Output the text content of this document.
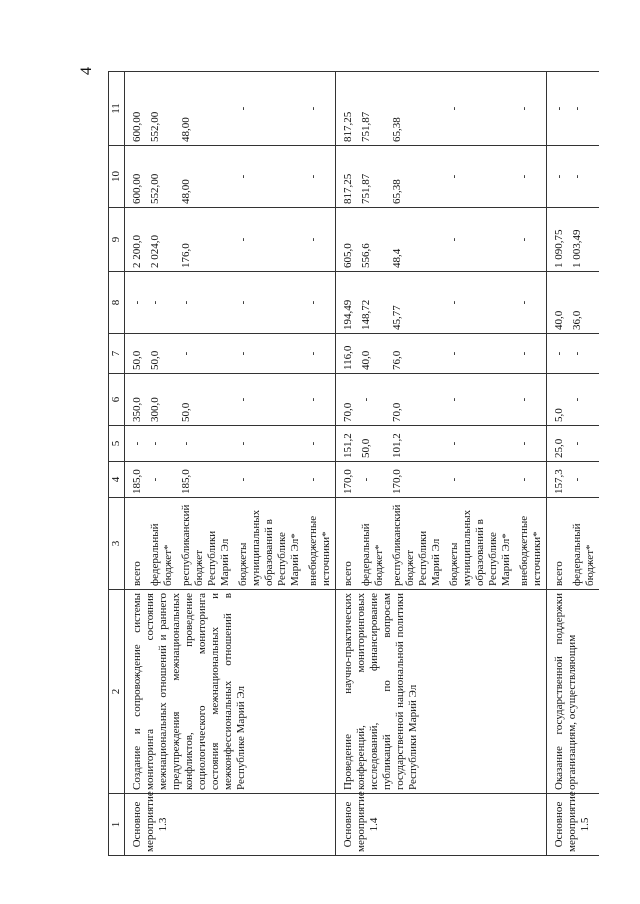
4
1	2	3	4	5	6	7	8	9	10	11
Основное мероприятие 1.3	Создание и сопровождение системы мониторинга состояния межнациональных отношений и раннего предупреждения межнациональных конфликтов, проведение социологического мониторинга состояния межнациональных и межконфессиональных отношений в Республике Марий Эл	всего	185,0	-	350,0	50,0	-	2 200,0	600,00	600,00
		федеральный бюджет*	-	-	300,0	50,0	-	2 024,0	552,00	552,00
		республиканский бюджет Республики Марий Эл	185,0	-	50,0	-	-	176,0	48,00	48,00
		бюджеты муниципальных образований в Республике Марий Эл*	-	-	-	-	-	-	-	-
		внебюджетные источники*	-	-	-	-	-	-	-	-
Основное мероприятие 1.4	Проведение научно-практических конференций, мониторинговых исследований, финансирование публикаций по вопросам государственной национальной политики Республики Марий Эл	всего	170,0	151,2	70,0	116,0	194,49	605,0	817,25	817,25
		федеральный бюджет*	-	50,0	-	40,0	148,72	556,6	751,87	751,87
		республиканский бюджет Республики Марий Эл	170,0	101,2	70,0	76,0	45,77	48,4	65,38	65,38
		бюджеты муниципальных образований в Республике Марий Эл*	-	-	-	-	-	-	-	-
		внебюджетные источники*	-	-	-	-	-	-	-	-
Основное мероприятие 1.5	Оказание государственной поддержки организациям, осуществляющим	всего	157,3	25,0	5,0	-	40,0	1 090,75	-	-
		федеральный бюджет*	-	-	-	-	36,0	1 003,49	-	-
